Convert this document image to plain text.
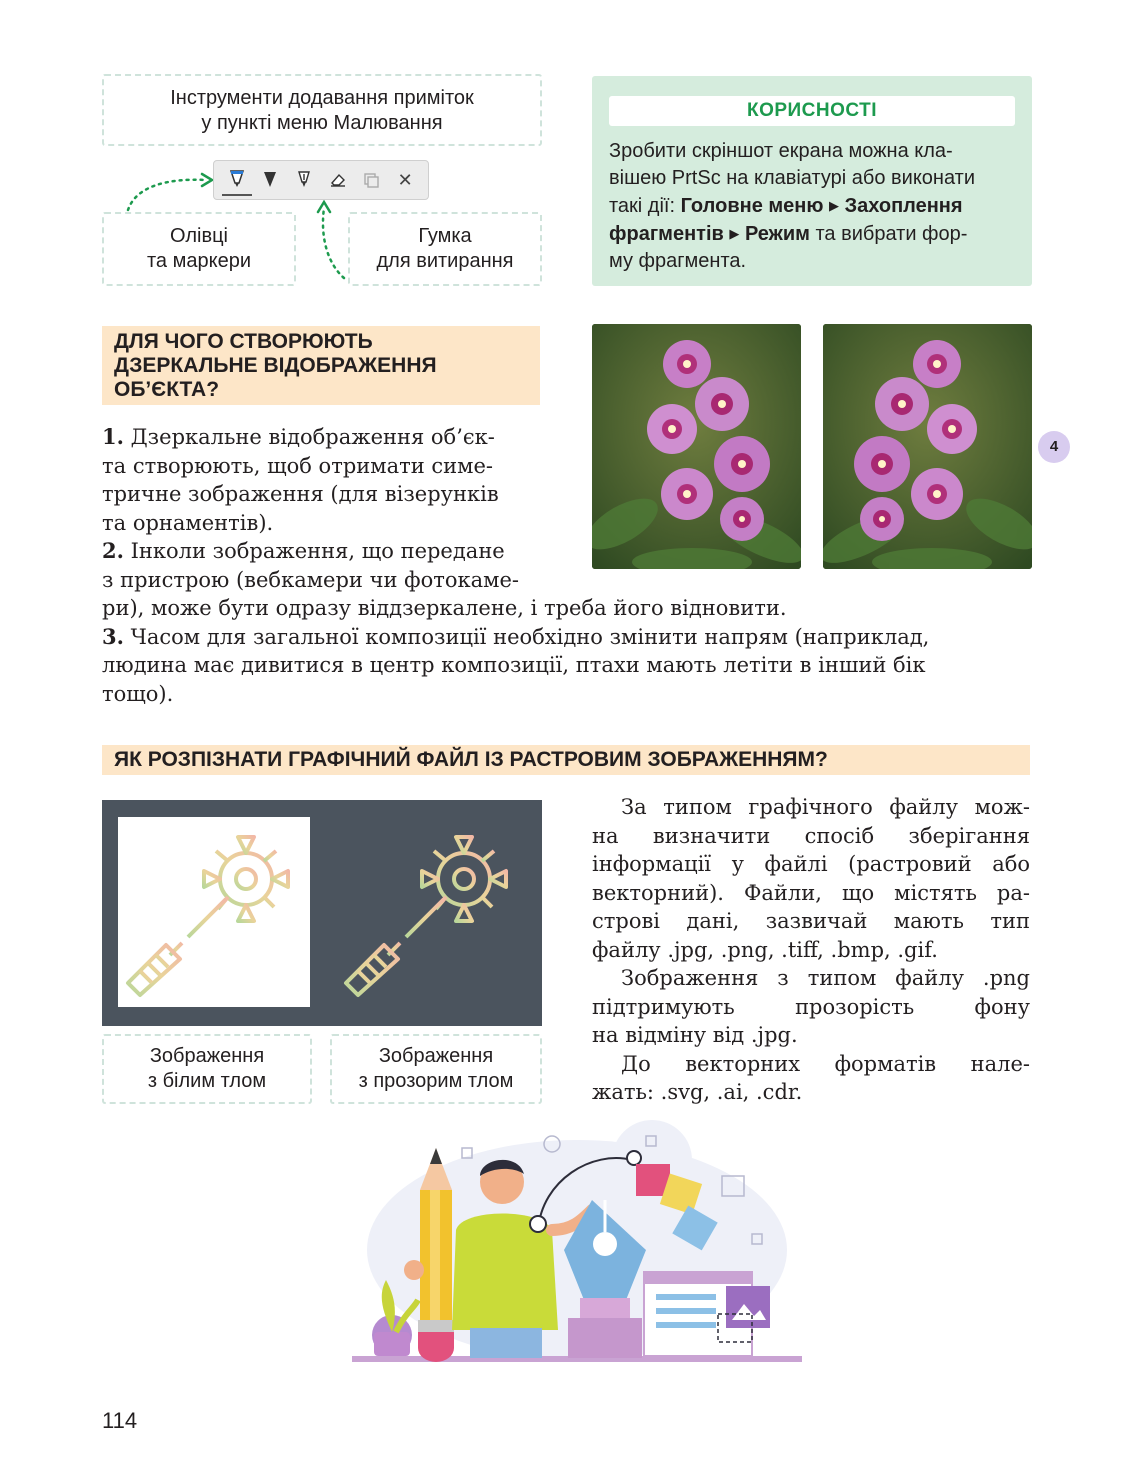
Інструменти додавання приміток
у пункті меню Малювання
✕
Олівці
та маркери
Гумка
для витирання
КОРИСНОСТІ
Зробити скріншот екрана можна кла-
вішею PrtSc на клавіатурі або виконати
такі дії: Головне меню ▶ Захоплення
фрагментів ▶ Режим та вибрати фор-
му фрагмента.
ДЛЯ ЧОГО СТВОРЮЮТЬ
ДЗЕРКАЛЬНЕ ВІДОБРАЖЕННЯ
ОБ’ЄКТА?
4
1. Дзеркальне відображення об’єк-
та створюють, щоб отримати симе-
тричне зображення (для візерунків
та орнаментів).
2. Інколи зображення, що передане
з пристрою (вебкамери чи фотокаме-
ри), може бути одразу віддзеркалене, і треба його відновити.
3. Часом для загальної композиції необхідно змінити напрям (наприклад,
людина має дивитися в центр композиції, птахи мають летіти в інший бік
тощо).
ЯК РОЗПІЗНАТИ ГРАФІЧНИЙ ФАЙЛ ІЗ РАСТРОВИМ ЗОБРАЖЕННЯМ?
Зображення
з білим тлом
Зображення
з прозорим тлом
За типом графічного файлу мож-
на визначити спосіб зберігання
інформації у файлі (растровий або
векторний). Файли, що містять ра-
строві дані, зазвичай мають тип
файлу .jpg, .png, .tiff, .bmp, .gif.
Зображення з типом файлу .png
підтримують прозорість фону
на відміну від .jpg.
До векторних форматів нале-
жать: .svg, .ai, .cdr.
114
